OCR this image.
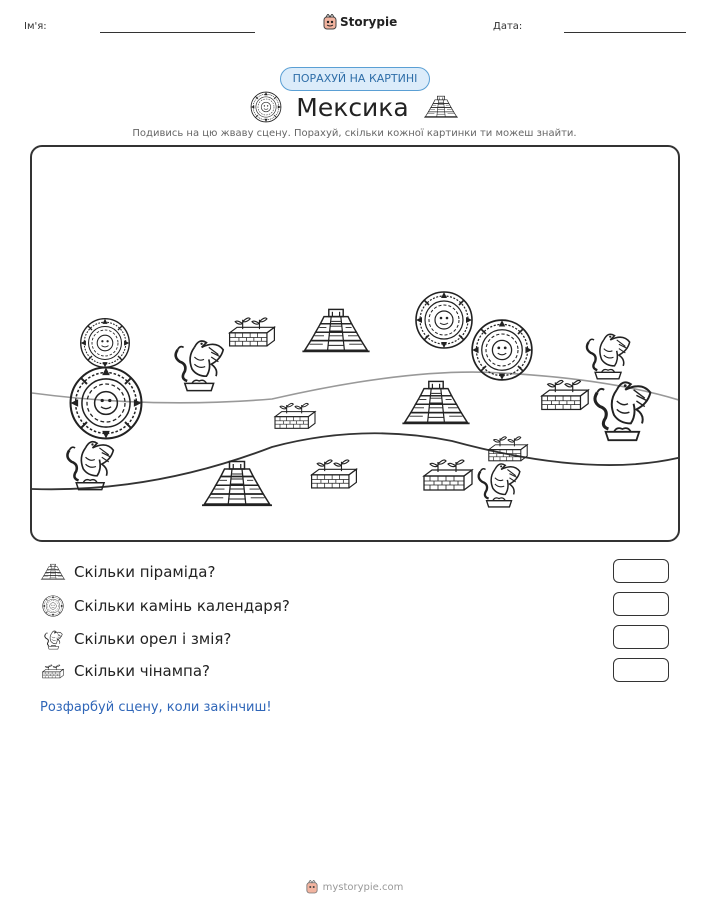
Ім'я:	Storypie	Дата:
ПОРАХУЙ НА КАРТИНІ
Мексика
Подивись на цю жваву сцену. Порахуй, скільки кожної картинки ти можеш знайти.
Скільки піраміда?
Скільки камінь календаря?
Скільки орел і змія?
Скільки чінампа?
Розфарбуй сцену, коли закінчиш!
mystorypie.com
